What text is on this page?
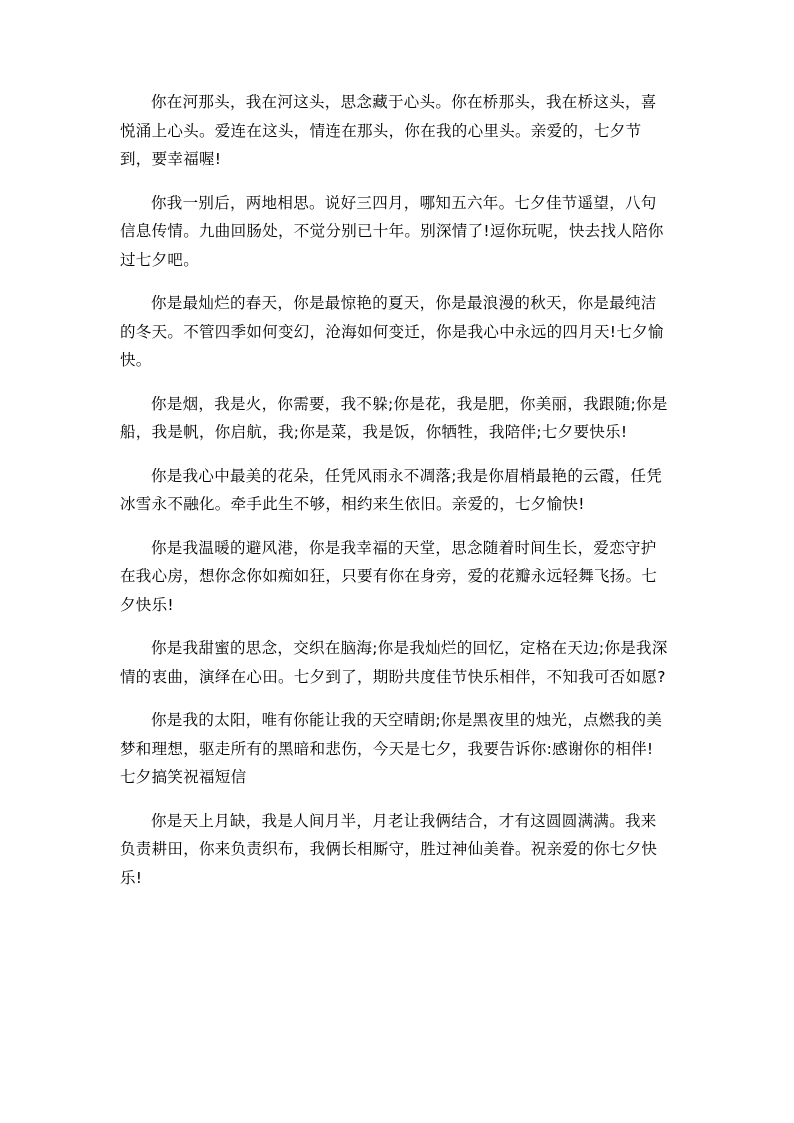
你在河那头，我在河这头，思念藏于心头。你在桥那头，我在桥这头，喜悦涌上心头。爱连在这头，情连在那头，你在我的心里头。亲爱的，七夕节到，要幸福喔!

你我一别后，两地相思。说好三四月，哪知五六年。七夕佳节遥望，八句信息传情。九曲回肠处，不觉分别已十年。别深情了!逗你玩呢，快去找人陪你过七夕吧。

你是最灿烂的春天，你是最惊艳的夏天，你是最浪漫的秋天，你是最纯洁的冬天。不管四季如何变幻，沧海如何变迁，你是我心中永远的四月天!七夕愉快。

你是烟，我是火，你需要，我不躲;你是花，我是肥，你美丽，我跟随;你是船，我是帆，你启航，我;你是菜，我是饭，你牺牲，我陪伴;七夕要快乐!

你是我心中最美的花朵，任凭风雨永不凋落;我是你眉梢最艳的云霞，任凭冰雪永不融化。牵手此生不够，相约来生依旧。亲爱的，七夕愉快!

你是我温暖的避风港，你是我幸福的天堂，思念随着时间生长，爱恋守护在我心房，想你念你如痴如狂，只要有你在身旁，爱的花瓣永远轻舞飞扬。七夕快乐!

你是我甜蜜的思念，交织在脑海;你是我灿烂的回忆，定格在天边;你是我深情的衷曲，演绎在心田。七夕到了，期盼共度佳节快乐相伴，不知我可否如愿?

你是我的太阳，唯有你能让我的天空晴朗;你是黑夜里的烛光，点燃我的美梦和理想，驱走所有的黑暗和悲伤，今天是七夕，我要告诉你:感谢你的相伴!七夕搞笑祝福短信

你是天上月缺，我是人间月半，月老让我俩结合，才有这圆圆满满。我来负责耕田，你来负责织布，我俩长相厮守，胜过神仙美眷。祝亲爱的你七夕快乐!
